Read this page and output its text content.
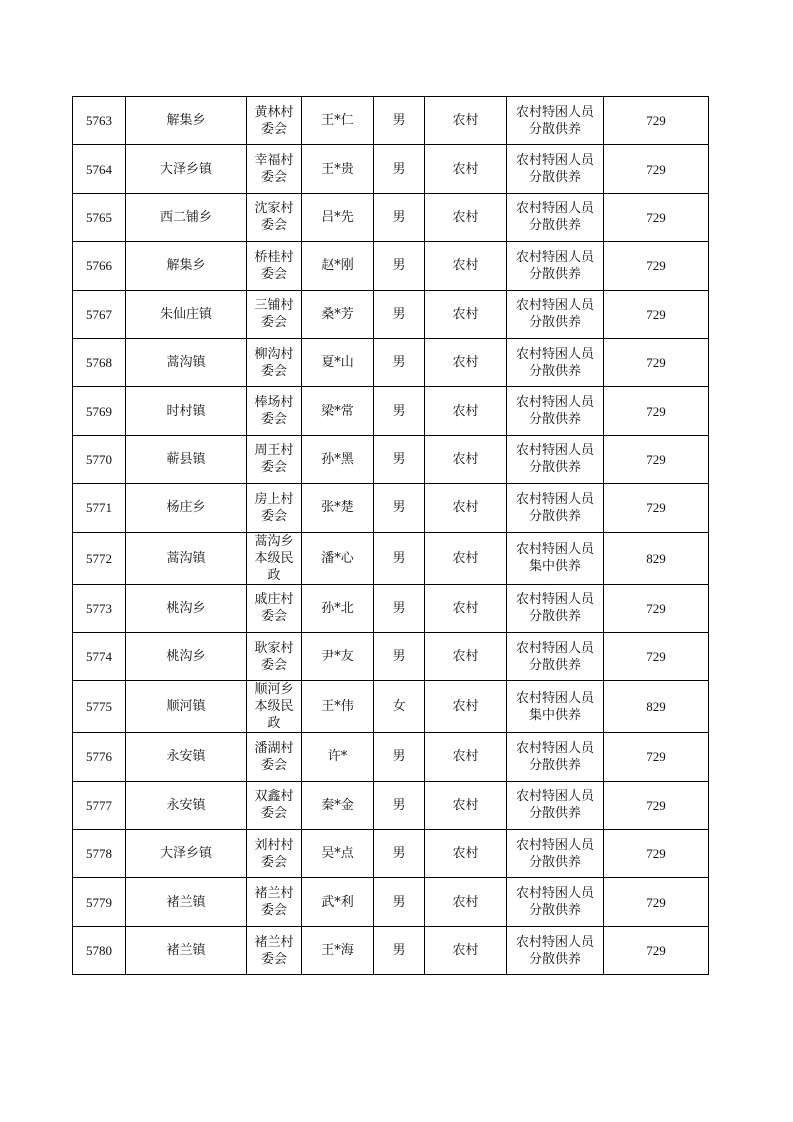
5763	解集乡	黄林村委会	王*仁	男	农村	农村特困人员分散供养	729
5764	大泽乡镇	幸福村委会	王*贵	男	农村	农村特困人员分散供养	729
5765	西二铺乡	沈家村委会	吕*先	男	农村	农村特困人员分散供养	729
5766	解集乡	桥桂村委会	赵*刚	男	农村	农村特困人员分散供养	729
5767	朱仙庄镇	三铺村委会	桑*芳	男	农村	农村特困人员分散供养	729
5768	蒿沟镇	柳沟村委会	夏*山	男	农村	农村特困人员分散供养	729
5769	时村镇	棒场村委会	梁*常	男	农村	农村特困人员分散供养	729
5770	蕲县镇	周王村委会	孙*黑	男	农村	农村特困人员分散供养	729
5771	杨庄乡	房上村委会	张*楚	男	农村	农村特困人员分散供养	729
5772	蒿沟镇	蒿沟乡本级民政	潘*心	男	农村	农村特困人员集中供养	829
5773	桃沟乡	戚庄村委会	孙*北	男	农村	农村特困人员分散供养	729
5774	桃沟乡	耿家村委会	尹*友	男	农村	农村特困人员分散供养	729
5775	顺河镇	顺河乡本级民政	王*伟	女	农村	农村特困人员集中供养	829
5776	永安镇	潘湖村委会	许*	男	农村	农村特困人员分散供养	729
5777	永安镇	双鑫村委会	秦*金	男	农村	农村特困人员分散供养	729
5778	大泽乡镇	刘村村委会	吴*点	男	农村	农村特困人员分散供养	729
5779	褚兰镇	褚兰村委会	武*利	男	农村	农村特困人员分散供养	729
5780	褚兰镇	褚兰村委会	王*海	男	农村	农村特困人员分散供养	729
